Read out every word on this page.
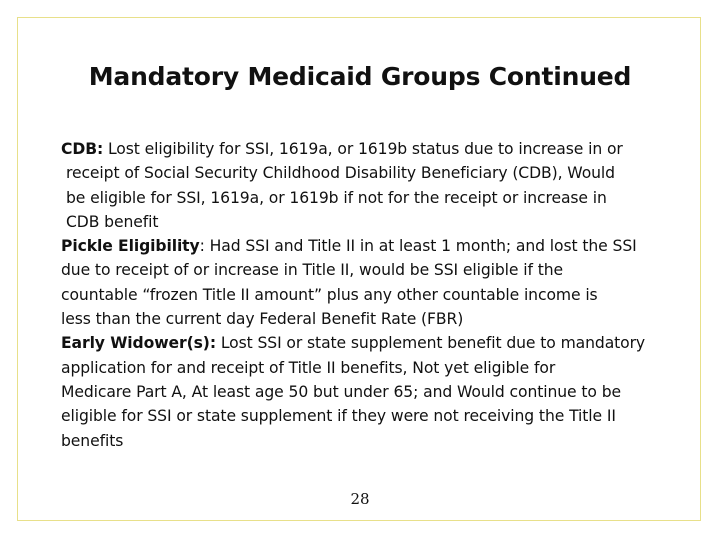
Mandatory Medicaid Groups Continued

CDB: Lost eligibility for SSI, 1619a, or 1619b status due to increase in or
receipt of Social Security Childhood Disability Beneficiary (CDB), Would
be eligible for SSI, 1619a, or 1619b if not for the receipt or increase in
CDB benefit

Pickle Eligibility: Had SSI and Title II in at least 1 month; and lost the SSI
due to receipt of or increase in Title II, would be SSI eligible if the
countable “frozen Title II amount” plus any other countable income is
less than the current day Federal Benefit Rate (FBR)

Early Widower(s): Lost SSI or state supplement benefit due to mandatory
application for and receipt of Title II benefits, Not yet eligible for
Medicare Part A, At least age 50 but under 65; and Would continue to be
eligible for SSI or state supplement if they were not receiving the Title II
benefits

28
